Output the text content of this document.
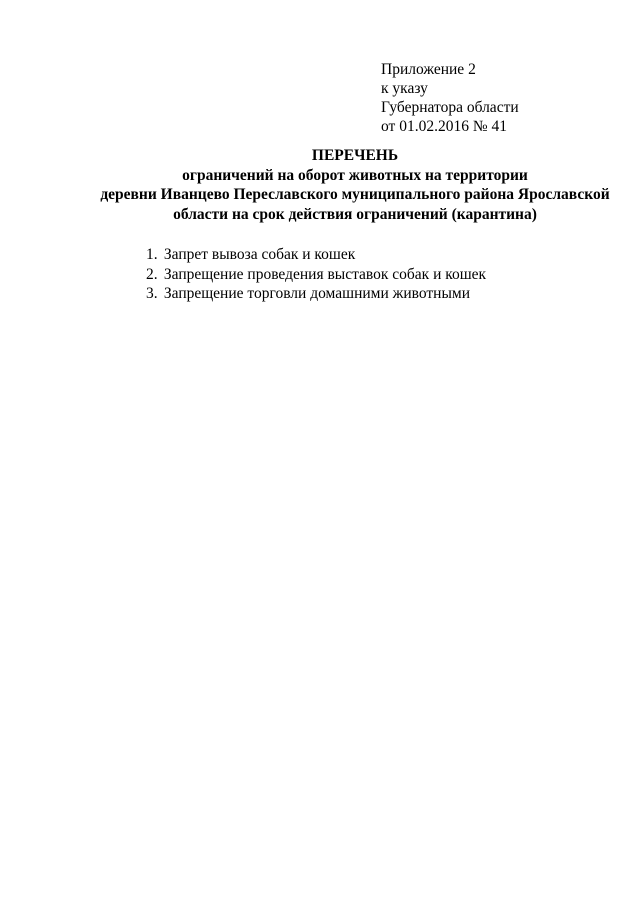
Приложение 2
к указу
Губернатора области
от 01.02.2016 № 41
ПЕРЕЧЕНЬ
ограничений на оборот животных на территории
деревни Иванцево Переславского муниципального района Ярославской
области на срок действия ограничений (карантина)
1. Запрет вывоза собак и кошек
2. Запрещение проведения выставок собак и кошек
3. Запрещение торговли домашними животными
